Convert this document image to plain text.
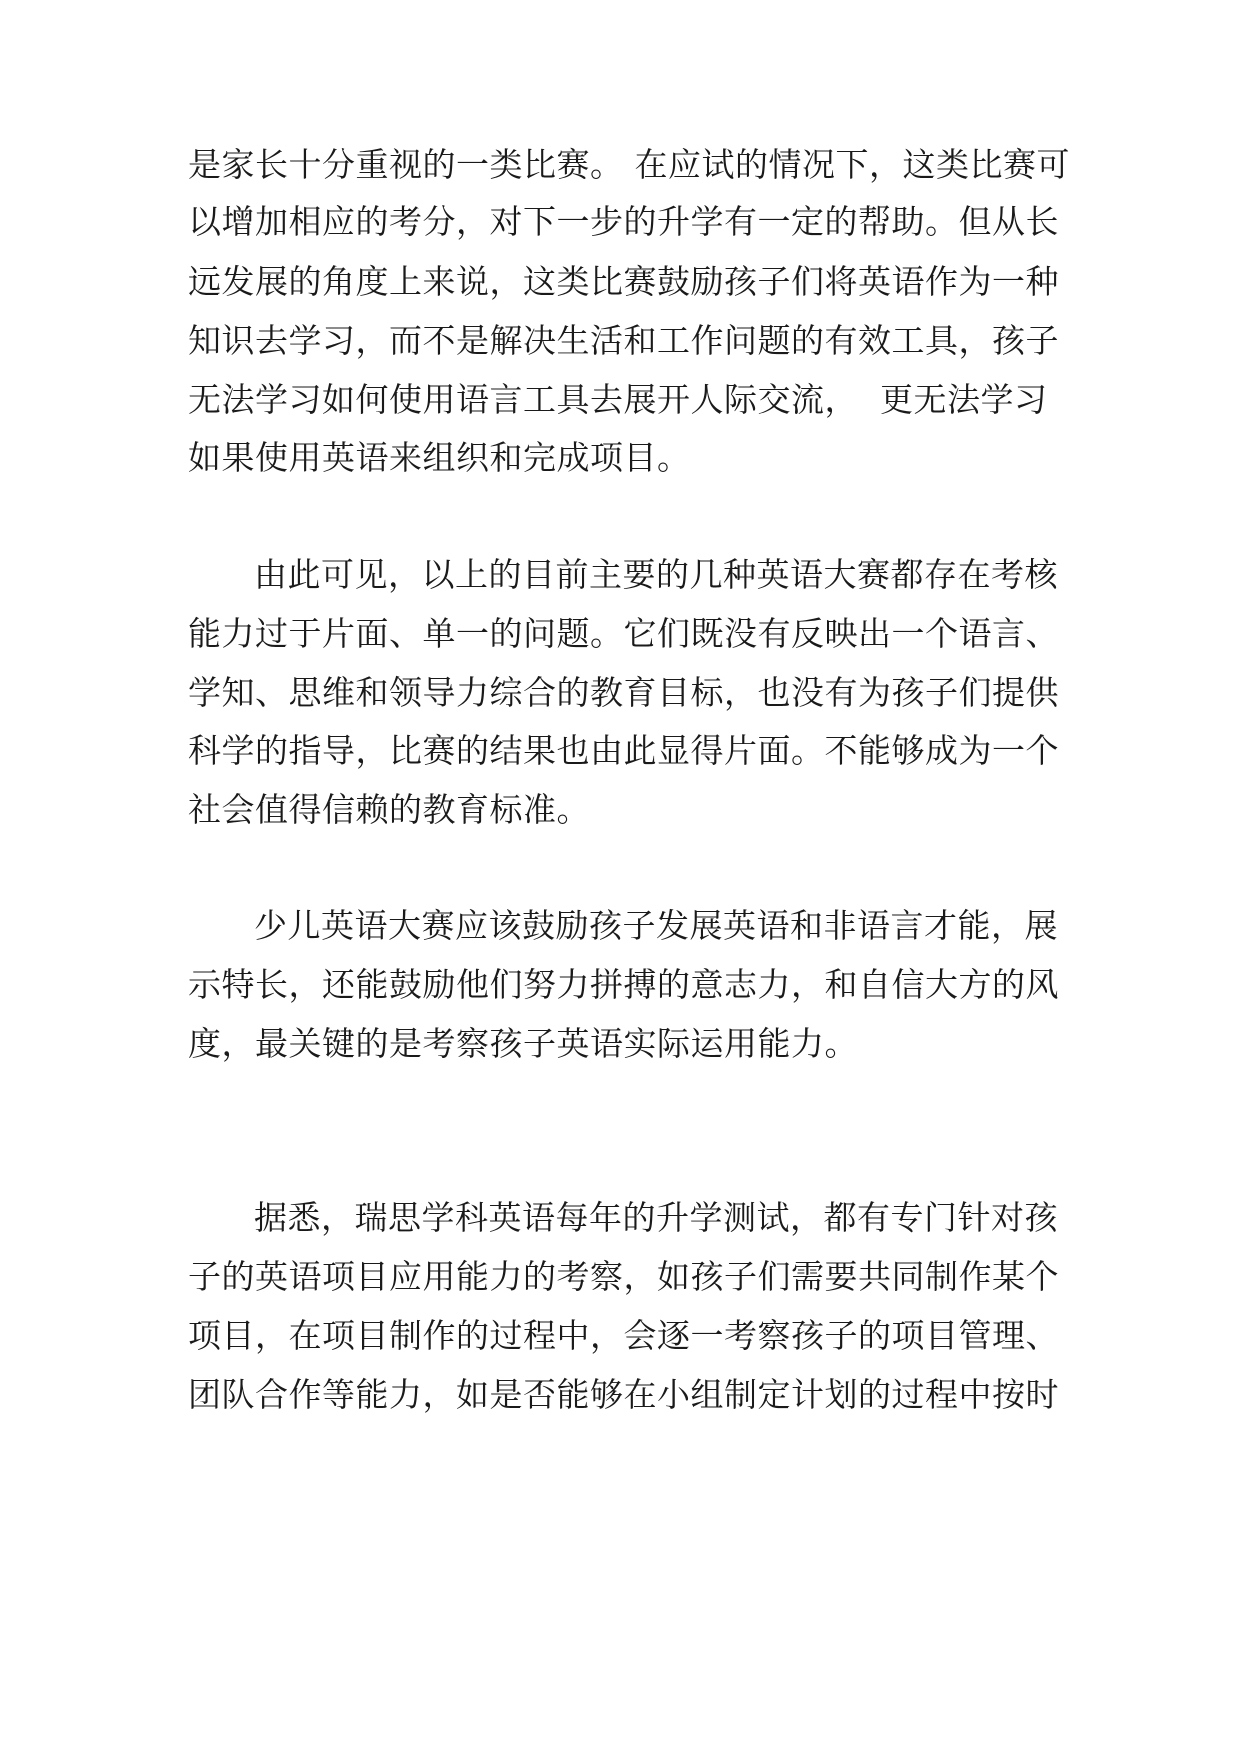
是家长十分重视的一类比赛。 在应试的情况下，这类比赛可
以增加相应的考分，对下一步的升学有一定的帮助。但从长
远发展的角度上来说，这类比赛鼓励孩子们将英语作为一种
知识去学习，而不是解决生活和工作问题的有效工具，孩子
无法学习如何使用语言工具去展开人际交流，  更无法学习
如果使用英语来组织和完成项目。
由此可见，以上的目前主要的几种英语大赛都存在考核
能力过于片面、单一的问题。它们既没有反映出一个语言、
学知、思维和领导力综合的教育目标，也没有为孩子们提供
科学的指导，比赛的结果也由此显得片面。不能够成为一个
社会值得信赖的教育标准。
少儿英语大赛应该鼓励孩子发展英语和非语言才能，展
示特长，还能鼓励他们努力拼搏的意志力，和自信大方的风
度，最关键的是考察孩子英语实际运用能力。
据悉，瑞思学科英语每年的升学测试，都有专门针对孩
子的英语项目应用能力的考察，如孩子们需要共同制作某个
项目，在项目制作的过程中，会逐一考察孩子的项目管理、
团队合作等能力，如是否能够在小组制定计划的过程中按时
